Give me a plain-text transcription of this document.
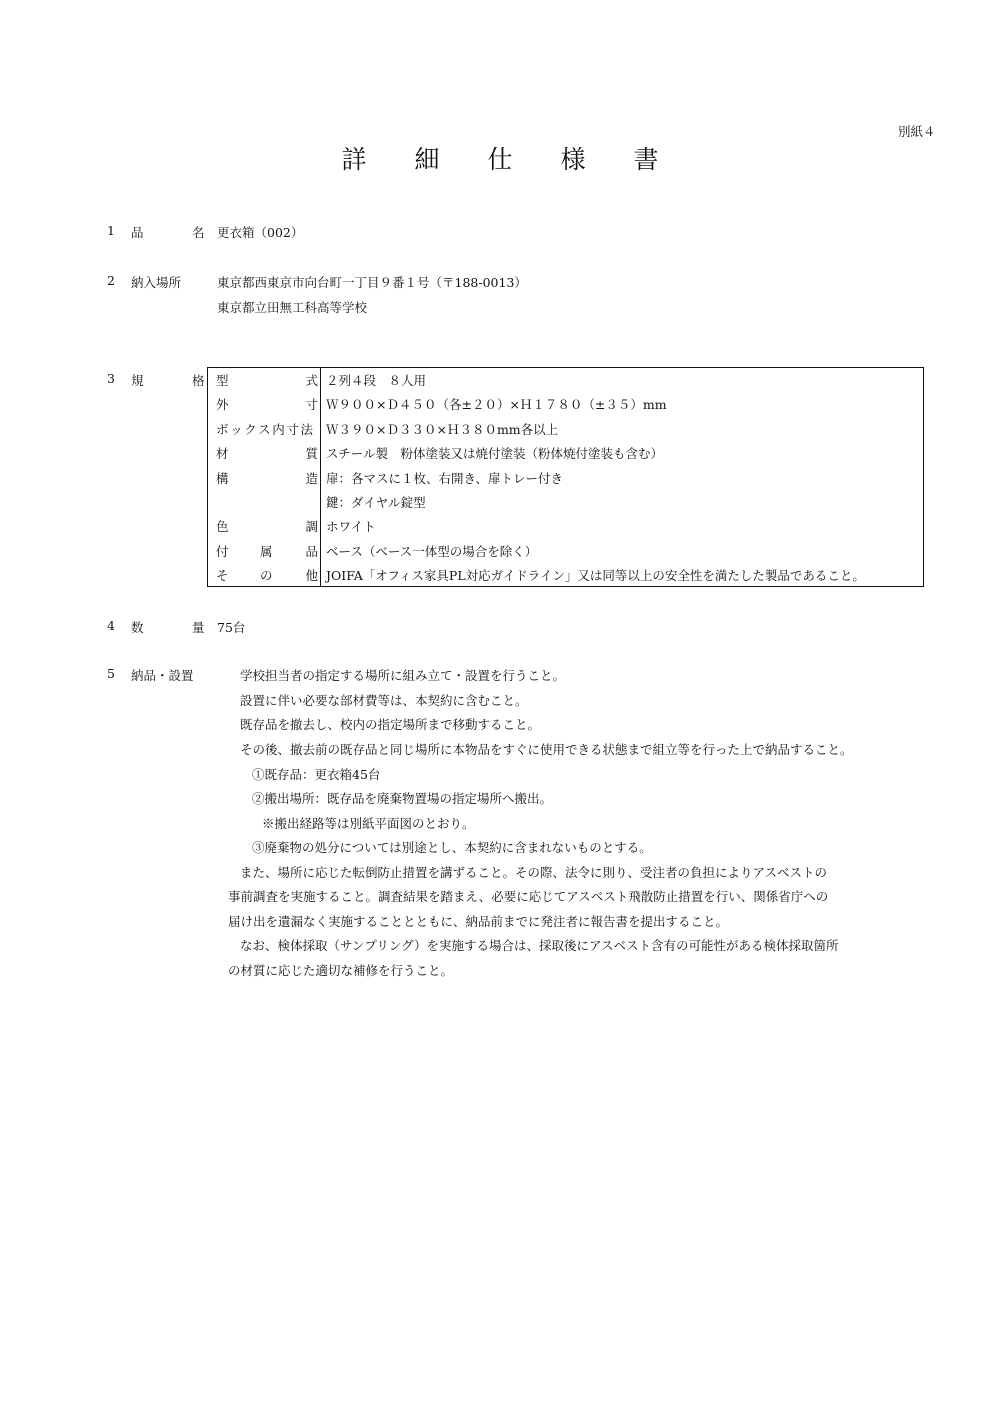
別紙４
詳 細 仕 様 書
1 品	名 更衣箱（002）
2 納入場所	東京都西東京市向台町一丁目９番１号（〒188-0013）
東京都立田無工科高等学校
3 規	格 型	式 ２列４段　８人用
外	寸 Ｗ９００×Ｄ４５０（各±２０）×Ｈ１７８０（±３５）mm
ボックス内寸法 Ｗ３９０×Ｄ３３０×Ｈ３８０mm各以上
材	質 スチール製　粉体塗装又は焼付塗装（粉体焼付塗装も含む）
構	造 扉：各マスに１枚、右開き、扉トレー付き
鍵：ダイヤル錠型
色	調 ホワイト
付	属	品 ベース（ベース一体型の場合を除く）
そ	の	他 JOIFA「オフィス家具PL対応ガイドライン」又は同等以上の安全性を満たした製品であること。
4 数	量 75台
5 納品・設置	学校担当者の指定する場所に組み立て・設置を行うこと。
設置に伴い必要な部材費等は、本契約に含むこと。
既存品を撤去し、校内の指定場所まで移動すること。
その後、撤去前の既存品と同じ場所に本物品をすぐに使用できる状態まで組立等を行った上で納品すること。
①既存品：更衣箱45台
②搬出場所：既存品を廃棄物置場の指定場所へ搬出。
※搬出経路等は別紙平面図のとおり。
③廃棄物の処分については別途とし、本契約に含まれないものとする。
また、場所に応じた転倒防止措置を講ずること。その際、法令に則り、受注者の負担によりアスベストの
事前調査を実施すること。調査結果を踏まえ、必要に応じてアスベスト飛散防止措置を行い、関係省庁への
届け出を遺漏なく実施することとともに、納品前までに発注者に報告書を提出すること。
なお、検体採取（サンプリング）を実施する場合は、採取後にアスベスト含有の可能性がある検体採取箇所
の材質に応じた適切な補修を行うこと。
